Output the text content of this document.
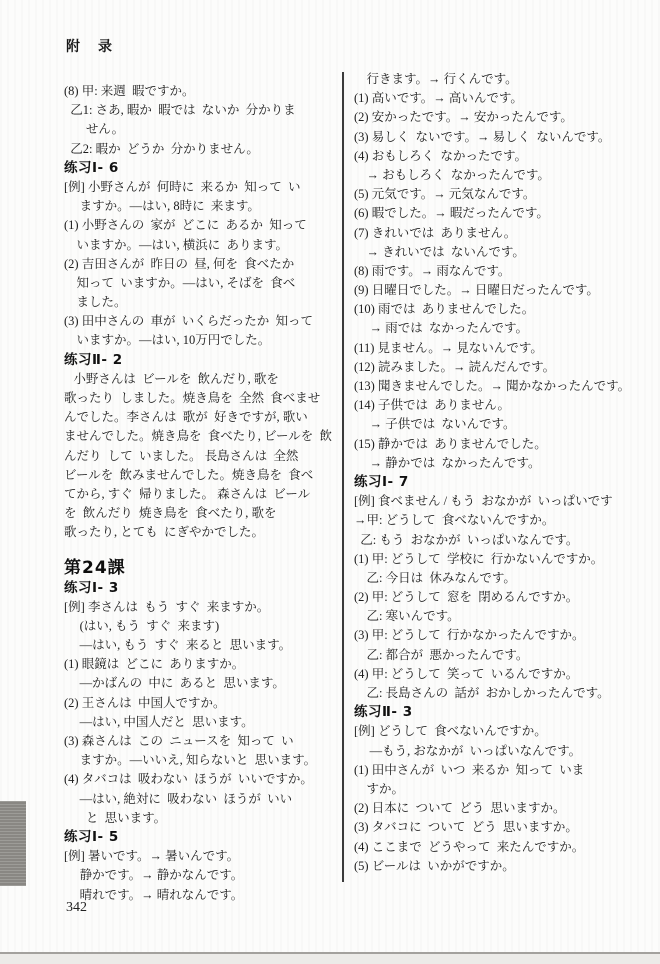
附　录
(8) 甲: 来週  暇ですか。
乙1: さあ, 暇か  暇では  ないか  分かりま
せん。
乙2: 暇か  どうか  分かりません。
练习Ⅰ- 6
[例] 小野さんが  何時に  来るか  知って  い
ますか。—はい, 8時に  来ます。
(1) 小野さんの  家が  どこに  あるか  知って
いますか。—はい, 横浜に  あります。
(2) 吉田さんが  昨日の  昼, 何を  食べたか
知って  いますか。—はい, そばを  食べ
ました。
(3) 田中さんの  車が  いくらだったか  知って
いますか。—はい, 10万円でした。
练习Ⅱ- 2
小野さんは  ビールを  飲んだり, 歌を
歌ったり  しました。焼き鳥を  全然  食べませ
んでした。李さんは  歌が  好きですが, 歌い
ませんでした。焼き鳥を  食べたり, ビールを  飲
んだり  して  いました。 長島さんは  全然
ビールを  飲みませんでした。焼き鳥を  食べ
てから, すぐ  帰りました。 森さんは  ビール
を  飲んだり  焼き鳥を  食べたり, 歌を
歌ったり, とても  にぎやかでした。
第24課
练习Ⅰ- 3
[例] 李さんは  もう  すぐ  来ますか。
(はい, もう  すぐ  来ます)
—はい, もう  すぐ  来ると  思います。
(1) 眼鏡は  どこに  ありますか。
—かばんの  中に  あると  思います。
(2) 王さんは  中国人ですか。
—はい, 中国人だと  思います。
(3) 森さんは  この  ニュースを  知って  い
ますか。—いいえ, 知らないと  思います。
(4) タバコは  吸わない  ほうが  いいですか。
—はい, 絶対に  吸わない  ほうが  いい
と  思います。
练习Ⅰ- 5
[例] 暑いです。→ 暑いんです。
静かです。→ 静かなんです。
晴れです。→ 晴れなんです。
行きます。→ 行くんです。
(1) 高いです。→ 高いんです。
(2) 安かったです。→ 安かったんです。
(3) 易しく  ないです。→ 易しく  ないんです。
(4) おもしろく  なかったです。
→ おもしろく  なかったんです。
(5) 元気です。→ 元気なんです。
(6) 暇でした。→ 暇だったんです。
(7) きれいでは  ありません。
→ きれいでは  ないんです。
(8) 雨です。→ 雨なんです。
(9) 日曜日でした。→ 日曜日だったんです。
(10) 雨では  ありませんでした。
→ 雨では  なかったんです。
(11) 見ません。→ 見ないんです。
(12) 読みました。→ 読んだんです。
(13) 聞きませんでした。→ 聞かなかったんです。
(14) 子供では  ありません。
→ 子供では  ないんです。
(15) 静かでは  ありませんでした。
→ 静かでは  なかったんです。
练习Ⅰ- 7
[例] 食べません / もう  おなかが  いっぱいです
→甲: どうして  食べないんですか。
乙: もう  おなかが  いっぱいなんです。
(1) 甲: どうして  学校に  行かないんですか。
乙: 今日は  休みなんです。
(2) 甲: どうして  窓を  閉めるんですか。
乙: 寒いんです。
(3) 甲: どうして  行かなかったんですか。
乙: 都合が  悪かったんです。
(4) 甲: どうして  笑って  いるんですか。
乙: 長島さんの  話が  おかしかったんです。
练习Ⅱ- 3
[例] どうして  食べないんですか。
—もう, おなかが  いっぱいなんです。
(1) 田中さんが  いつ  来るか  知って  いま
すか。
(2) 日本に  ついて  どう  思いますか。
(3) タバコに  ついて  どう  思いますか。
(4) ここまで  どうやって  来たんですか。
(5) ビールは  いかがですか。
342
